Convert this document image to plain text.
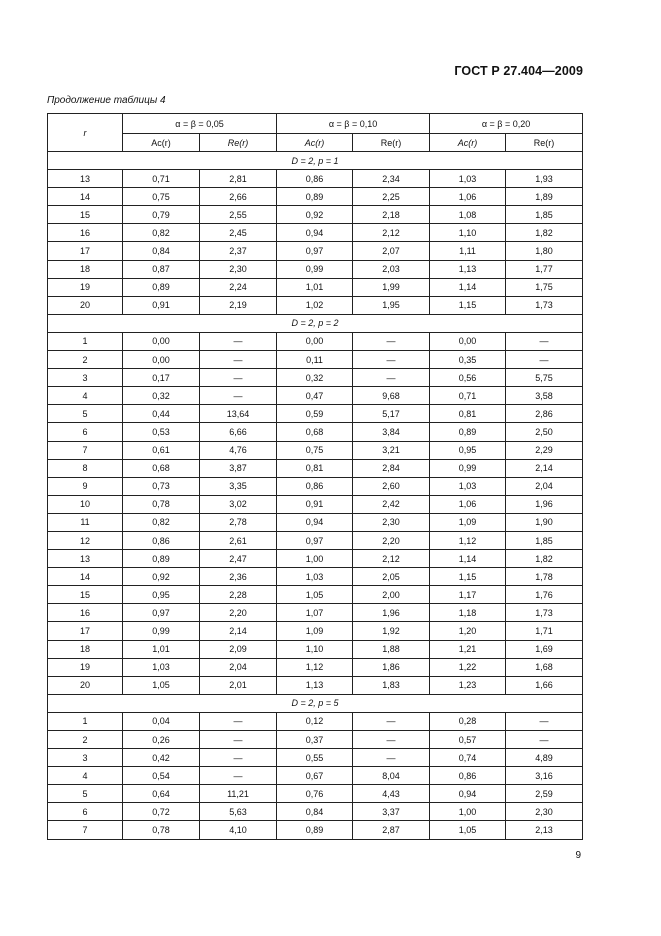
ГОСТ Р 27.404—2009
Продолжение таблицы 4
r	α = β = 0,05		α = β = 0,10		α = β = 0,20	
	Ac(r)	Re(r)	Ac(r)	Re(r)	Ac(r)	Re(r)
D = 2, p = 1						
13	0,71	2,81	0,86	2,34	1,03	1,93
14	0,75	2,66	0,89	2,25	1,06	1,89
15	0,79	2,55	0,92	2,18	1,08	1,85
16	0,82	2,45	0,94	2,12	1,10	1,82
17	0,84	2,37	0,97	2,07	1,11	1,80
18	0,87	2,30	0,99	2,03	1,13	1,77
19	0,89	2,24	1,01	1,99	1,14	1,75
20	0,91	2,19	1,02	1,95	1,15	1,73
D = 2, p = 2						
1	0,00	—	0,00	—	0,00	—
2	0,00	—	0,11	—	0,35	—
3	0,17	—	0,32	—	0,56	5,75
4	0,32	—	0,47	9,68	0,71	3,58
5	0,44	13,64	0,59	5,17	0,81	2,86
6	0,53	6,66	0,68	3,84	0,89	2,50
7	0,61	4,76	0,75	3,21	0,95	2,29
8	0,68	3,87	0,81	2,84	0,99	2,14
9	0,73	3,35	0,86	2,60	1,03	2,04
10	0,78	3,02	0,91	2,42	1,06	1,96
11	0,82	2,78	0,94	2,30	1,09	1,90
12	0,86	2,61	0,97	2,20	1,12	1,85
13	0,89	2,47	1,00	2,12	1,14	1,82
14	0,92	2,36	1,03	2,05	1,15	1,78
15	0,95	2,28	1,05	2,00	1,17	1,76
16	0,97	2,20	1,07	1,96	1,18	1,73
17	0,99	2,14	1,09	1,92	1,20	1,71
18	1,01	2,09	1,10	1,88	1,21	1,69
19	1,03	2,04	1,12	1,86	1,22	1,68
20	1,05	2,01	1,13	1,83	1,23	1,66
D = 2, p = 5						
1	0,04	—	0,12	—	0,28	—
2	0,26	—	0,37	—	0,57	—
3	0,42	—	0,55	—	0,74	4,89
4	0,54	—	0,67	8,04	0,86	3,16
5	0,64	11,21	0,76	4,43	0,94	2,59
6	0,72	5,63	0,84	3,37	1,00	2,30
7	0,78	4,10	0,89	2,87	1,05	2,13
9
